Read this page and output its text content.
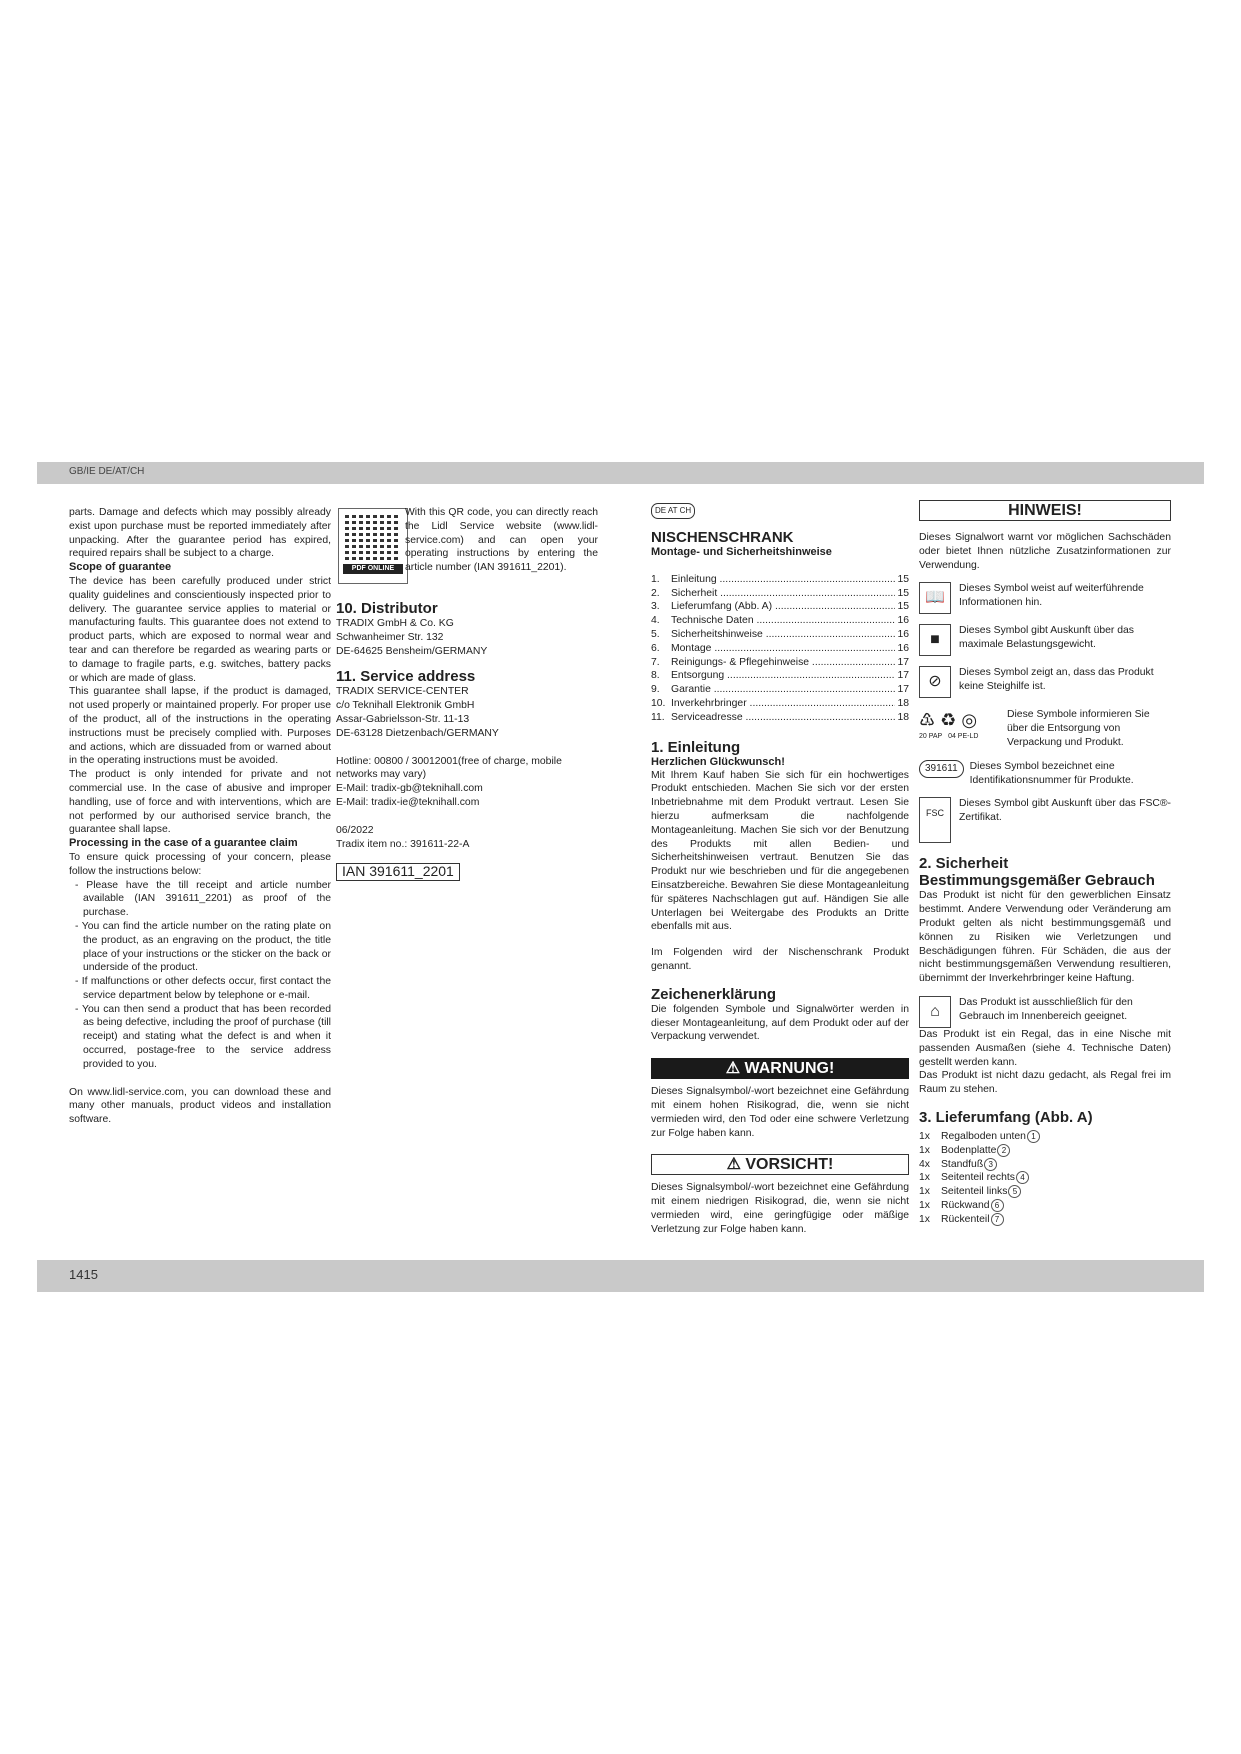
GB/IE DE/AT/CH

parts. Damage and defects which may possibly already exist upon purchase must be reported immediately after unpacking. After the guarantee period has expired, required repairs shall be subject to a charge.

Scope of guarantee

The device has been carefully produced under strict quality guidelines and conscientiously inspected prior to delivery. The guarantee service applies to material or manufacturing faults. This guarantee does not extend to product parts, which are exposed to normal wear and tear and can therefore be regarded as wearing parts or to damage to fragile parts, e.g. switches, battery packs or which are made of glass.

This guarantee shall lapse, if the product is damaged, not used properly or maintained properly. For proper use of the product, all of the instructions in the operating instructions must be precisely complied with. Purposes and actions, which are dissuaded from or warned about in the operating instructions must be avoided.

The product is only intended for private and not commercial use. In the case of abusive and improper handling, use of force and with interventions, which are not performed by our authorised service branch, the guarantee shall lapse.

Processing in the case of a guarantee claim

To ensure quick processing of your concern, please follow the instructions below:

- Please have the till receipt and article number available (IAN 391611_2201) as proof of the purchase.

- You can find the article number on the rating plate on the product, as an engraving on the product, the title place of your instructions or the sticker on the back or underside of the product.

- If malfunctions or other defects occur, first contact the service department below by telephone or e-mail.

- You can then send a product that has been recorded as being defective, including the proof of purchase (till receipt) and stating what the defect is and when it occurred, postage-free to the service address provided to you.

On www.lidl-service.com, you can download these and many other manuals, product videos and installation software.

PDF ONLINE
With this QR code, you can directly reach the Lidl Service website (www.lidl-service.com) and can open your operating instructions by entering the article number (IAN 391611_2201).

10. Distributor

TRADIX GmbH & Co. KG

Schwanheimer Str. 132

DE-64625 Bensheim/GERMANY

11. Service address

TRADIX SERVICE-CENTER

c/o Teknihall Elektronik GmbH

Assar-Gabrielsson-Str. 11-13

DE-63128 Dietzenbach/GERMANY

Hotline: 00800 / 30012001(free of charge, mobile networks may vary)

E-Mail: tradix-gb@teknihall.com

E-Mail: tradix-ie@teknihall.com

06/2022

Tradix item no.: 391611-22-A

IAN 391611_2201

DE AT CH

NISCHENSCHRANK

Montage- und Sicherheitshinweise

1.	Einleitung .....	15
2.	Sicherheit .....	15
3.	Lieferumfang (Abb. A) .....	15
4.	Technische Daten .....	16
5.	Sicherheitshinweise .....	16
6.	Montage .....	16
7.	Reinigungs- & Pflegehinweise .....	17
8.	Entsorgung .....	17
9.	Garantie .....	17
10. Inverkehrbringer .....	18
11. Serviceadresse .....	18

1. Einleitung

Herzlichen Glückwunsch!

Mit Ihrem Kauf haben Sie sich für ein hochwertiges Produkt entschieden. Machen Sie sich vor der ersten Inbetriebnahme mit dem Produkt vertraut. Lesen Sie hierzu aufmerksam die nachfolgende Montageanleitung. Machen Sie sich vor der Benutzung des Produkts mit allen Bedien- und Sicherheitshinweisen vertraut. Benutzen Sie das Produkt nur wie beschrieben und für die angegebenen Einsatzbereiche. Bewahren Sie diese Montageanleitung für späteres Nachschlagen gut auf. Händigen Sie alle Unterlagen bei Weitergabe des Produkts an Dritte ebenfalls mit aus.

Im Folgenden wird der Nischenschrank Produkt genannt.

Zeichenerklärung

Die folgenden Symbole und Signalwörter werden in dieser Montageanleitung, auf dem Produkt oder auf der Verpackung verwendet.

⚠ WARNUNG!

Dieses Signalsymbol/-wort bezeichnet eine Gefährdung mit einem hohen Risikograd, die, wenn sie nicht vermieden wird, den Tod oder eine schwere Verletzung zur Folge haben kann.

⚠ VORSICHT!

Dieses Signalsymbol/-wort bezeichnet eine Gefährdung mit einem niedrigen Risikograd, die, wenn sie nicht vermieden wird, eine geringfügige oder mäßige Verletzung zur Folge haben kann.

HINWEIS!

Dieses Signalwort warnt vor möglichen Sachschäden oder bietet Ihnen nützliche Zusatzinformationen zur Verwendung.

📖
Dieses Symbol weist auf weiterführende Informationen hin.
■
Dieses Symbol gibt Auskunft über das maximale Belastungsgewicht.
⊘
Dieses Symbol zeigt an, dass das Produkt keine Steighilfe ist.
♳ ♻ ◎
20 PAP 04 PE-LD
Diese Symbole informieren Sie über die Entsorgung von Verpackung und Produkt.
391611	Dieses Symbol bezeichnet eine Identifikationsnummer für Produkte.
FSC
Dieses Symbol gibt Auskunft über das FSC®-Zertifikat.

2. Sicherheit

Bestimmungsgemäßer Gebrauch

Das Produkt ist nicht für den gewerblichen Einsatz bestimmt. Andere Verwendung oder Veränderung am Produkt gelten als nicht bestimmungsgemäß und können zu Risiken wie Verletzungen und Beschädigungen führen. Für Schäden, die aus der nicht bestimmungsgemäßen Verwendung resultieren, übernimmt der Inverkehrbringer keine Haftung.

⌂
Das Produkt ist ausschließlich für den Gebrauch im Innenbereich geeignet.

Das Produkt ist ein Regal, das in eine Nische mit passenden Ausmaßen (siehe 4. Technische Daten) gestellt werden kann.

Das Produkt ist nicht dazu gedacht, als Regal frei im Raum zu stehen.

3. Lieferumfang (Abb. A)

1x Regalboden unten 1
1x Bodenplatte 2
4x Standfuß 3
1x Seitenteil rechts 4
1x Seitenteil links 5
1x Rückwand 6
1x Rückenteil 7
1415
